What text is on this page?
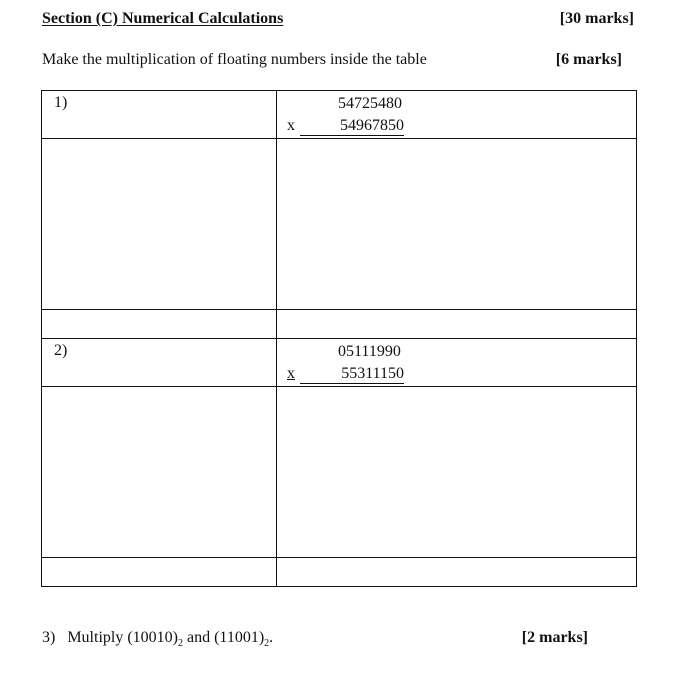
Section (C) Numerical Calculations	[30 marks]
Make the multiplication of floating numbers inside the table	[6 marks]
1)	54725480
x 54967850

2)	05111990
x 55311150

3) Multiply $(10010)_2$ and $(11001)_2$.	[2 marks]
